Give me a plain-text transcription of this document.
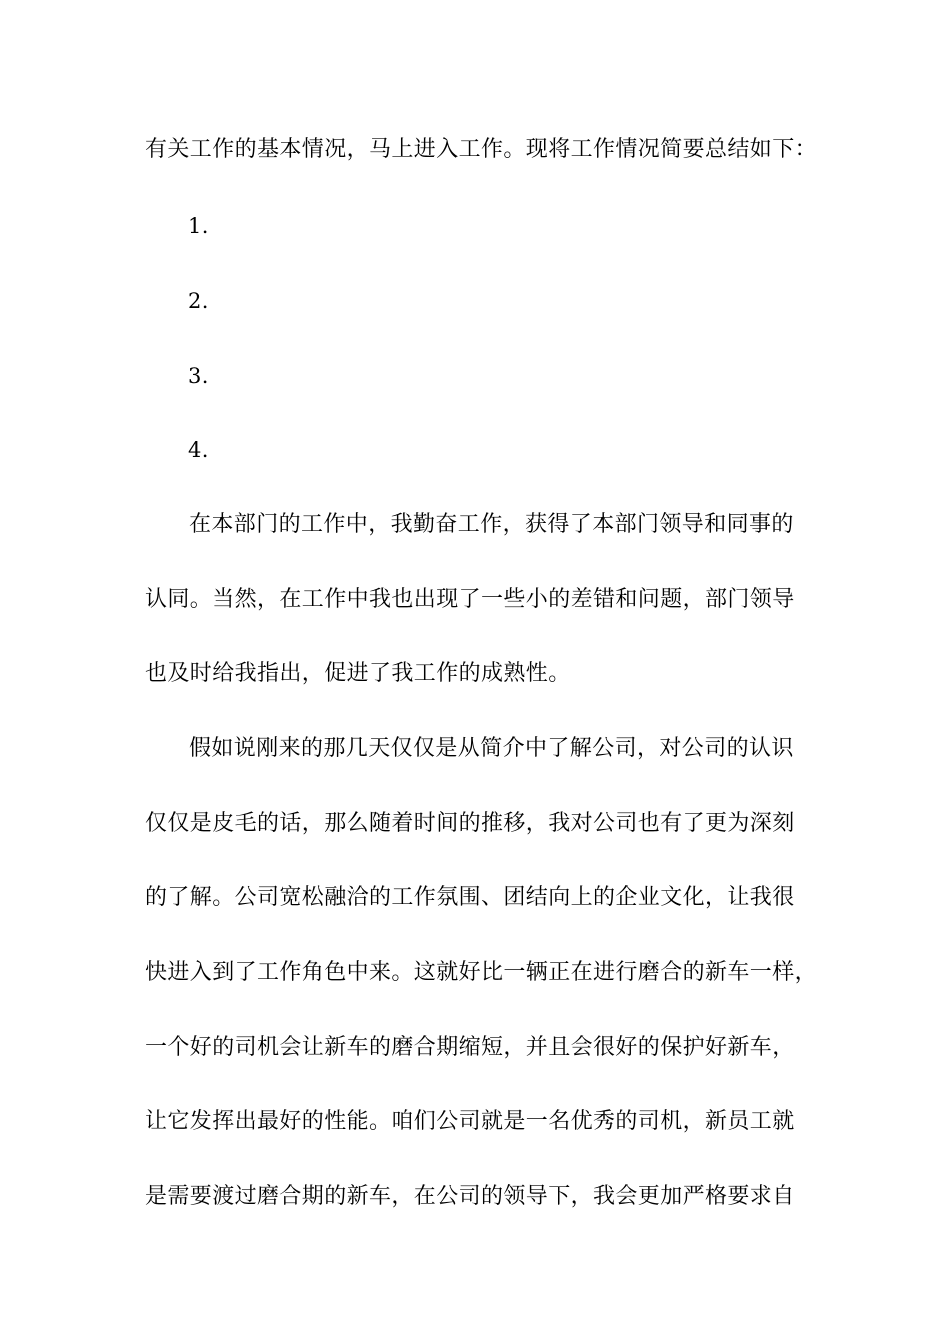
有关工作的基本情况，马上进入工作。现将工作情况简要总结如下：
1.
2.
3.
4.
在本部门的工作中，我勤奋工作，获得了本部门领导和同事的
认同。当然，在工作中我也出现了一些小的差错和问题，部门领导
也及时给我指出，促进了我工作的成熟性。
假如说刚来的那几天仅仅是从简介中了解公司，对公司的认识
仅仅是皮毛的话，那么随着时间的推移，我对公司也有了更为深刻
的了解。公司宽松融洽的工作氛围、团结向上的企业文化，让我很
快进入到了工作角色中来。这就好比一辆正在进行磨合的新车一样，
一个好的司机会让新车的磨合期缩短，并且会很好的保护好新车，
让它发挥出最好的性能。咱们公司就是一名优秀的司机，新员工就
是需要渡过磨合期的新车，在公司的领导下，我会更加严格要求自
